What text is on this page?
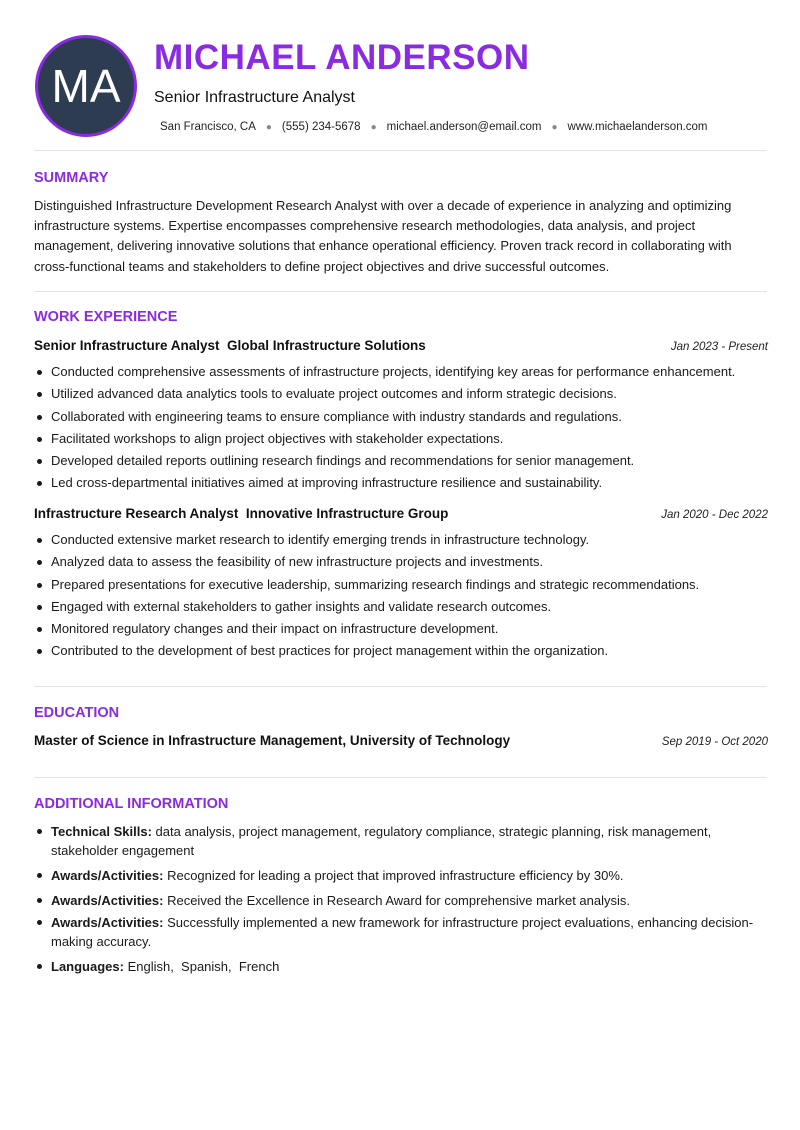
MA
MICHAEL ANDERSON
Senior Infrastructure Analyst
San Francisco, CA ● (555) 234-5678 ● michael.anderson@email.com ● www.michaelanderson.com
SUMMARY
Distinguished Infrastructure Development Research Analyst with over a decade of experience in analyzing and optimizing infrastructure systems. Expertise encompasses comprehensive research methodologies, data analysis, and project management, delivering innovative solutions that enhance operational efficiency. Proven track record in collaborating with cross-functional teams and stakeholders to define project objectives and drive successful outcomes.
WORK EXPERIENCE
Senior Infrastructure Analyst  Global Infrastructure Solutions	Jan 2023 - Present
Conducted comprehensive assessments of infrastructure projects, identifying key areas for performance enhancement.
Utilized advanced data analytics tools to evaluate project outcomes and inform strategic decisions.
Collaborated with engineering teams to ensure compliance with industry standards and regulations.
Facilitated workshops to align project objectives with stakeholder expectations.
Developed detailed reports outlining research findings and recommendations for senior management.
Led cross-departmental initiatives aimed at improving infrastructure resilience and sustainability.
Infrastructure Research Analyst  Innovative Infrastructure Group	Jan 2020 - Dec 2022
Conducted extensive market research to identify emerging trends in infrastructure technology.
Analyzed data to assess the feasibility of new infrastructure projects and investments.
Prepared presentations for executive leadership, summarizing research findings and strategic recommendations.
Engaged with external stakeholders to gather insights and validate research outcomes.
Monitored regulatory changes and their impact on infrastructure development.
Contributed to the development of best practices for project management within the organization.
EDUCATION
Master of Science in Infrastructure Management, University of Technology	Sep 2019 - Oct 2020
ADDITIONAL INFORMATION
Technical Skills: data analysis, project management, regulatory compliance, strategic planning, risk management, stakeholder engagement
Awards/Activities: Recognized for leading a project that improved infrastructure efficiency by 30%.
Awards/Activities: Received the Excellence in Research Award for comprehensive market analysis.
Awards/Activities: Successfully implemented a new framework for infrastructure project evaluations, enhancing decision-making accuracy.
Languages: English,  Spanish,  French
